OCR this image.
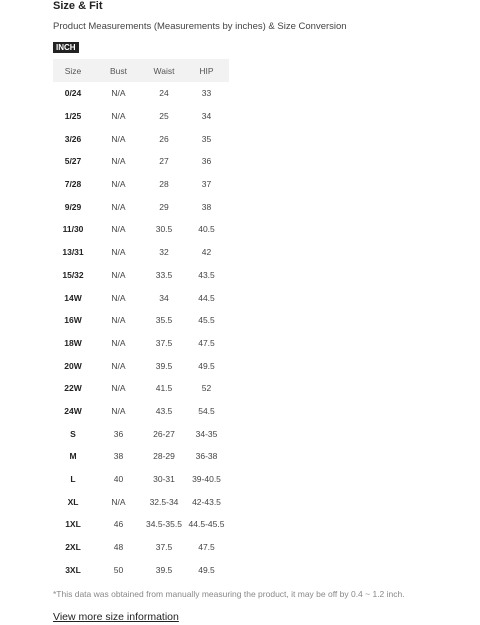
Size & Fit
Product Measurements (Measurements by inches) & Size Conversion
INCH
Size	Bust	Waist	HIP
0/24	N/A	24	33
1/25	N/A	25	34
3/26	N/A	26	35
5/27	N/A	27	36
7/28	N/A	28	37
9/29	N/A	29	38
11/30	N/A	30.5	40.5
13/31	N/A	32	42
15/32	N/A	33.5	43.5
14W	N/A	34	44.5
16W	N/A	35.5	45.5
18W	N/A	37.5	47.5
20W	N/A	39.5	49.5
22W	N/A	41.5	52
24W	N/A	43.5	54.5
S	36	26-27	34-35
M	38	28-29	36-38
L	40	30-31	39-40.5
XL	N/A	32.5-34	42-43.5
1XL	46	34.5-35.5	44.5-45.5
2XL	48	37.5	47.5
3XL	50	39.5	49.5
*This data was obtained from manually measuring the product, it may be off by 0.4 ~ 1.2 inch.
View more size information
